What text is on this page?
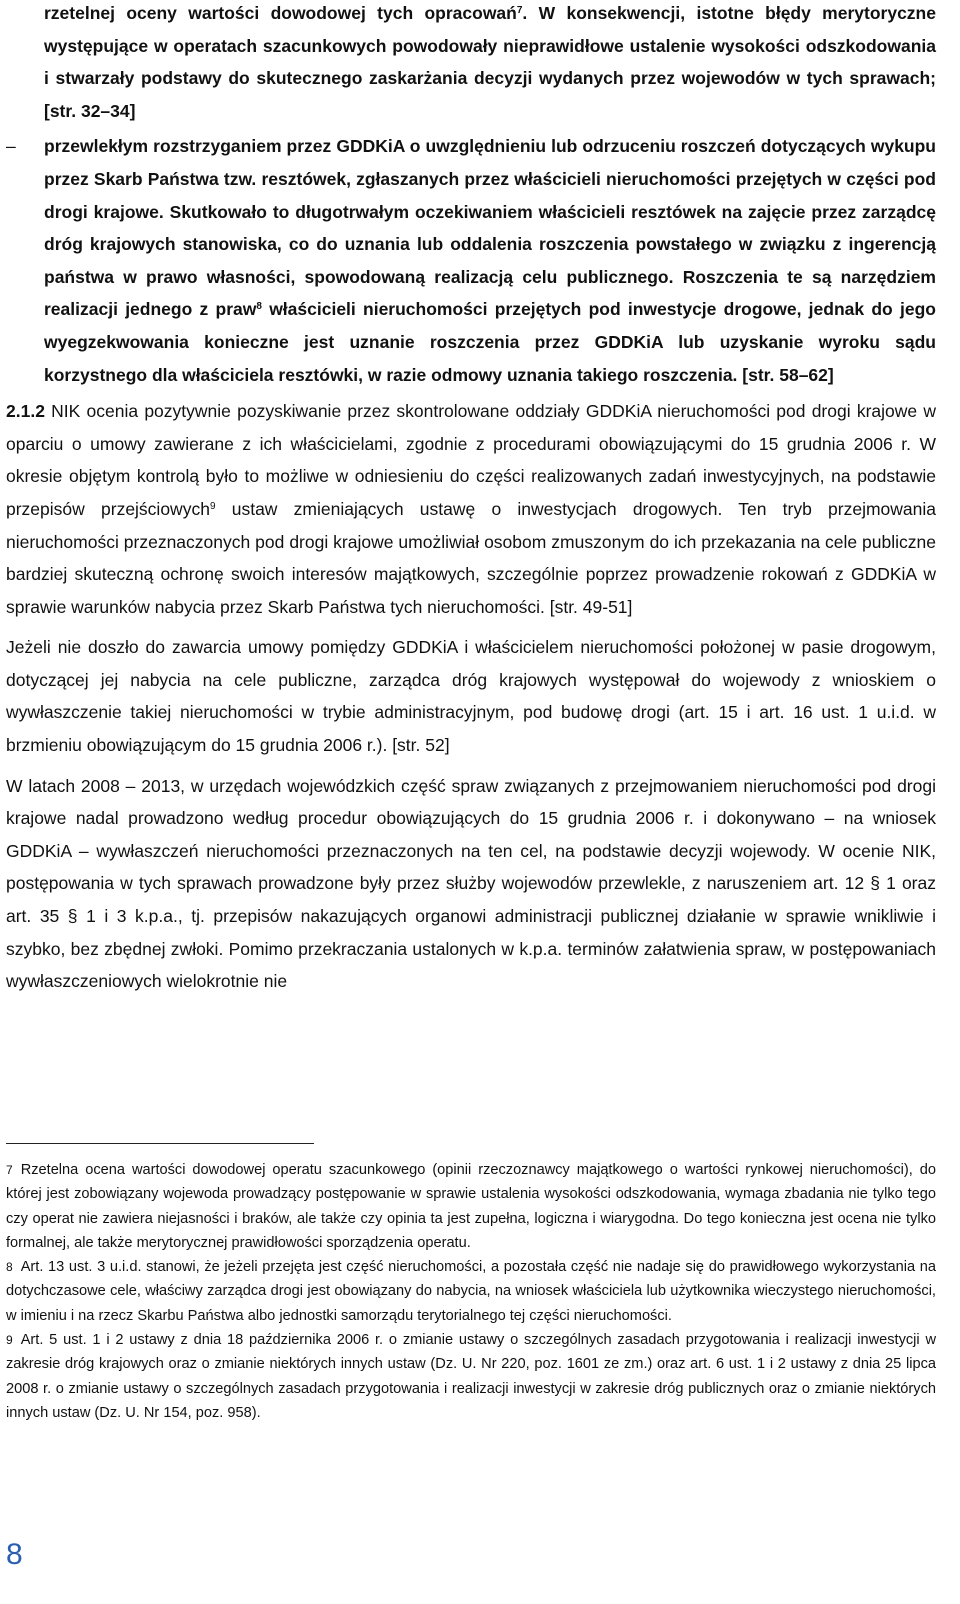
rzetelnej oceny wartości dowodowej tych opracowań$^7$. W konsekwencji, istotne błędy merytoryczne występujące w operatach szacunkowych powodowały nieprawidłowe ustalenie wysokości odszkodowania i stwarzały podstawy do skutecznego zaskarżania decyzji wydanych przez wojewodów w tych sprawach; [str. 32–34]

–	przewlekłym rozstrzyganiem przez GDDKiA o uwzględnieniu lub odrzuceniu roszczeń dotyczących wykupu przez Skarb Państwa tzw. resztówek, zgłaszanych przez właścicieli nieruchomości przejętych w części pod drogi krajowe. Skutkowało to długotrwałym oczekiwaniem właścicieli resztówek na zajęcie przez zarządcę dróg krajowych stanowiska, co do uznania lub oddalenia roszczenia powstałego w związku z ingerencją państwa w prawo własności, spowodowaną realizacją celu publicznego. Roszczenia te są narzędziem realizacji jednego z praw$^8$ właścicieli nieruchomości przejętych pod inwestycje drogowe, jednak do jego wyegzekwowania konieczne jest uznanie roszczenia przez GDDKiA lub uzyskanie wyroku sądu korzystnego dla właściciela resztówki, w razie odmowy uznania takiego roszczenia. [str. 58–62]

2.1.2 NIK ocenia pozytywnie pozyskiwanie przez skontrolowane oddziały GDDKiA nieruchomości pod drogi krajowe w oparciu o umowy zawierane z ich właścicielami, zgodnie z procedurami obowiązującymi do 15 grudnia 2006 r. W okresie objętym kontrolą było to możliwe w odniesieniu do części realizowanych zadań inwestycyjnych, na podstawie przepisów przejściowych$^9$ ustaw zmieniających ustawę o inwestycjach drogowych. Ten tryb przejmowania nieruchomości przeznaczonych pod drogi krajowe umożliwiał osobom zmuszonym do ich przekazania na cele publiczne bardziej skuteczną ochronę swoich interesów majątkowych, szczególnie poprzez prowadzenie rokowań z GDDKiA w sprawie warunków nabycia przez Skarb Państwa tych nieruchomości. [str. 49-51]

Jeżeli nie doszło do zawarcia umowy pomiędzy GDDKiA i właścicielem nieruchomości położonej w pasie drogowym, dotyczącej jej nabycia na cele publiczne, zarządca dróg krajowych występował do wojewody z wnioskiem o wywłaszczenie takiej nieruchomości w trybie administracyjnym, pod budowę drogi (art. 15 i art. 16 ust. 1 u.i.d. w brzmieniu obowiązującym do 15 grudnia 2006 r.). [str. 52]

W latach 2008 – 2013, w urzędach wojewódzkich część spraw związanych z przejmowaniem nieruchomości pod drogi krajowe nadal prowadzono według procedur obowiązujących do 15 grudnia 2006 r. i dokonywano – na wniosek GDDKiA – wywłaszczeń nieruchomości przeznaczonych na ten cel, na podstawie decyzji wojewody. W ocenie NIK, postępowania w tych sprawach prowadzone były przez służby wojewodów przewlekle, z naruszeniem art. 12 § 1 oraz art. 35 § 1 i 3 k.p.a., tj. przepisów nakazujących organowi administracji publicznej działanie w sprawie wnikliwie i szybko, bez zbędnej zwłoki. Pomimo przekraczania ustalonych w k.p.a. terminów załatwienia spraw, w postępowaniach wywłaszczeniowych wielokrotnie nie

7 Rzetelna ocena wartości dowodowej operatu szacunkowego (opinii rzeczoznawcy majątkowego o wartości rynkowej nieruchomości), do której jest zobowiązany wojewoda prowadzący postępowanie w sprawie ustalenia wysokości odszkodowania, wymaga zbadania nie tylko tego czy operat nie zawiera niejasności i braków, ale także czy opinia ta jest zupełna, logiczna i wiarygodna. Do tego konieczna jest ocena nie tylko formalnej, ale także merytorycznej prawidłowości sporządzenia operatu.

8 Art. 13 ust. 3 u.i.d. stanowi, że jeżeli przejęta jest część nieruchomości, a pozostała część nie nadaje się do prawidłowego wykorzystania na dotychczasowe cele, właściwy zarządca drogi jest obowiązany do nabycia, na wniosek właściciela lub użytkownika wieczystego nieruchomości, w imieniu i na rzecz Skarbu Państwa albo jednostki samorządu terytorialnego tej części nieruchomości.

9 Art. 5 ust. 1 i 2 ustawy z dnia 18 października 2006 r. o zmianie ustawy o szczególnych zasadach przygotowania i realizacji inwestycji w zakresie dróg krajowych oraz o zmianie niektórych innych ustaw (Dz. U. Nr 220, poz. 1601 ze zm.) oraz art. 6 ust. 1 i 2 ustawy z dnia 25 lipca 2008 r. o zmianie ustawy o szczególnych zasadach przygotowania i realizacji inwestycji w zakresie dróg publicznych oraz o zmianie niektórych innych ustaw (Dz. U. Nr 154, poz. 958).

8
